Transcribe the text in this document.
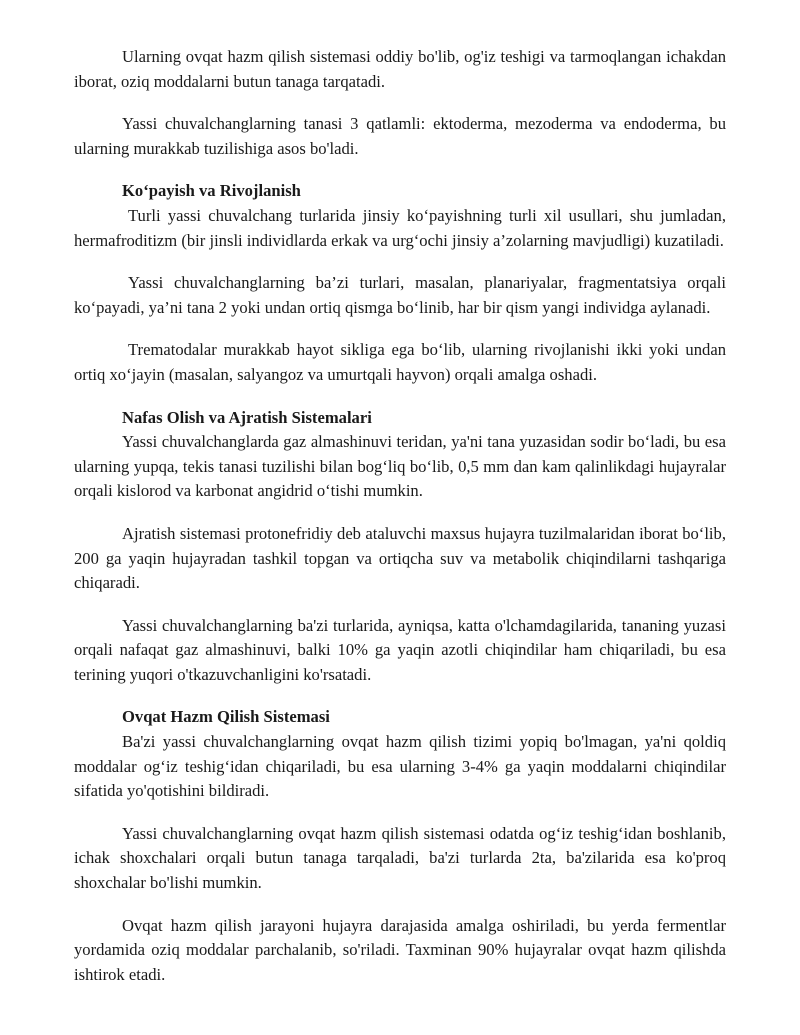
Ularning ovqat hazm qilish sistemasi oddiy bo'lib, og'iz teshigi va tarmoqlangan ichakdan iborat, oziq moddalarni butun tanaga tarqatadi.

Yassi chuvalchanglarning tanasi 3 qatlamli: ektoderma, mezoderma va endoderma, bu ularning murakkab tuzilishiga asos bo'ladi.

Ko‘payish va Rivojlanish

Turli yassi chuvalchang turlarida jinsiy ko‘payishning turli xil usullari, shu jumladan, hermafroditizm (bir jinsli individlarda erkak va urg‘ochi jinsiy a’zolarning mavjudligi) kuzatiladi.

Yassi chuvalchanglarning ba’zi turlari, masalan, planariyalar, fragmentatsiya orqali ko‘payadi, ya’ni tana 2 yoki undan ortiq qismga bo‘linib, har bir qism yangi individga aylanadi.

Trematodalar murakkab hayot sikliga ega bo‘lib, ularning rivojlanishi ikki yoki undan ortiq xo‘jayin (masalan, salyangoz va umurtqali hayvon) orqali amalga oshadi.

Nafas Olish va Ajratish Sistemalari

Yassi chuvalchanglarda gaz almashinuvi teridan, ya'ni tana yuzasidan sodir bo‘ladi, bu esa ularning yupqa, tekis tanasi tuzilishi bilan bog‘liq bo‘lib, 0,5 mm dan kam qalinlikdagi hujayralar orqali kislorod va karbonat angidrid o‘tishi mumkin.

Ajratish sistemasi protonefridiy deb ataluvchi maxsus hujayra tuzilmalaridan iborat bo‘lib, 200 ga yaqin hujayradan tashkil topgan va ortiqcha suv va metabolik chiqindilarni tashqariga chiqaradi.

Yassi chuvalchanglarning ba'zi turlarida, ayniqsa, katta o'lchamdagilarida, tananing yuzasi orqali nafaqat gaz almashinuvi, balki 10% ga yaqin azotli chiqindilar ham chiqariladi, bu esa terining yuqori o'tkazuvchanligini ko'rsatadi.

Ovqat Hazm Qilish Sistemasi

Ba'zi yassi chuvalchanglarning ovqat hazm qilish tizimi yopiq bo'lmagan, ya'ni qoldiq moddalar og‘iz teshig‘idan chiqariladi, bu esa ularning 3-4% ga yaqin moddalarni chiqindilar sifatida yo'qotishini bildiradi.

Yassi chuvalchanglarning ovqat hazm qilish sistemasi odatda og‘iz teshig‘idan boshlanib, ichak shoxchalari orqali butun tanaga tarqaladi, ba'zi turlarda 2ta, ba'zilarida esa ko'proq shoxchalar bo'lishi mumkin.

Ovqat hazm qilish jarayoni hujayra darajasida amalga oshiriladi, bu yerda fermentlar yordamida oziq moddalar parchalanib, so'riladi. Taxminan 90% hujayralar ovqat hazm qilishda ishtirok etadi.
